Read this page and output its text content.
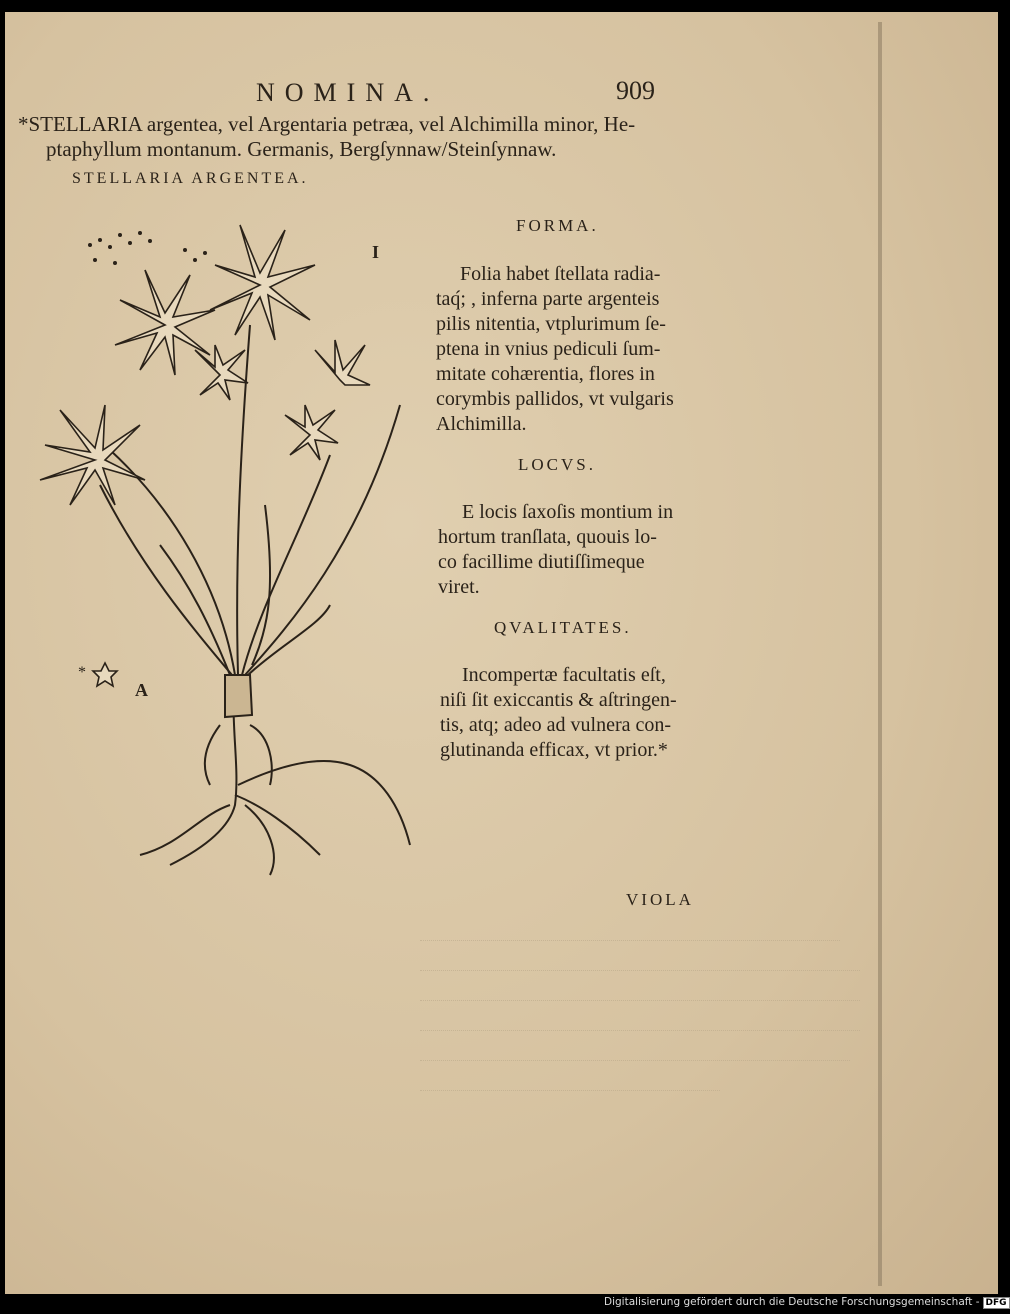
NOMINA.	909
*STELLARIA argentea, vel Argentaria petræa, vel Alchimilla minor, He-
ptaphyllum montanum. Germanis, Bergſynnaw/Steinſynnaw.
STELLARIA ARGENTEA.
I
A
*
FORMA.
Folia habet ſtellata radia-
taq́; , inferna parte argenteis
pilis nitentia, vtplurimum ſe-
ptena in vnius pediculi ſum-
mitate cohærentia, flores in
corymbis pallidos, vt vulgaris
Alchimilla.
LOCVS.
E locis ſaxoſis montium in
hortum tranſlata, quouis lo-
co facillime diutiſſimeque
viret.
QVALITATES.
Incompertæ facultatis eſt,
niſi ſit exiccantis & aſtringen-
tis, atq; adeo ad vulnera con-
glutinanda efficax, vt prior.*
VIOLA
Digitalisierung gefördert durch die Deutsche Forschungsgemeinschaft - DFG
